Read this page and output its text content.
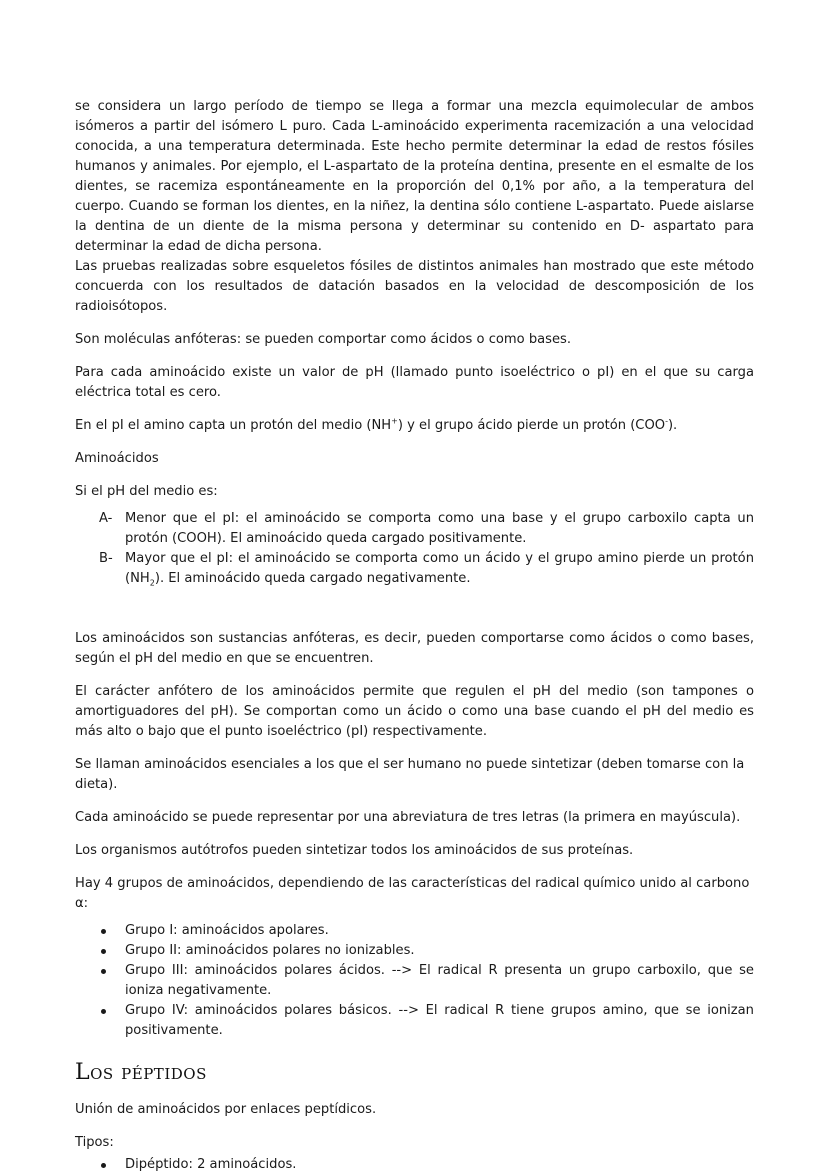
se considera un largo período de tiempo se llega a formar una mezcla equimolecular de ambos isómeros a partir del isómero L puro. Cada L-aminoácido experimenta racemización a una velocidad conocida, a una temperatura determinada. Este hecho permite determinar la edad de restos fósiles humanos y animales. Por ejemplo, el L-aspartato de la proteína dentina, presente en el esmalte de los dientes, se racemiza espontáneamente en la proporción del 0,1% por año, a la temperatura del cuerpo. Cuando se forman los dientes, en la niñez, la dentina sólo contiene L-aspartato. Puede aislarse la dentina de un diente de la misma persona y determinar su contenido en D- aspartato para determinar la edad de dicha persona.

Las pruebas realizadas sobre esqueletos fósiles de distintos animales han mostrado que este método concuerda con los resultados de datación basados en la velocidad de descomposición de los radioisótopos.

Son moléculas anfóteras: se pueden comportar como ácidos o como bases.

Para cada aminoácido existe un valor de pH (llamado punto isoeléctrico o pI) en el que su carga eléctrica total es cero.

En el pI el amino capta un protón del medio (NH+) y el grupo ácido pierde un protón (COO-).

Aminoácidos

Si el pH del medio es:

A- Menor que el pI: el aminoácido se comporta como una base y el grupo carboxilo capta un protón (COOH). El aminoácido queda cargado positivamente.
B- Mayor que el pI: el aminoácido se comporta como un ácido y el grupo amino pierde un protón $(NH_2)$. El aminoácido queda cargado negativamente.

Los aminoácidos son sustancias anfóteras, es decir, pueden comportarse como ácidos o como bases, según el pH del medio en que se encuentren.

El carácter anfótero de los aminoácidos permite que regulen el pH del medio (son tampones o amortiguadores del pH). Se comportan como un ácido o como una base cuando el pH del medio es más alto o bajo que el punto isoeléctrico (pI) respectivamente.

Se llaman aminoácidos esenciales a los que el ser humano no puede sintetizar (deben tomarse con la dieta).

Cada aminoácido se puede representar por una abreviatura de tres letras (la primera en mayúscula).

Los organismos autótrofos pueden sintetizar todos los aminoácidos de sus proteínas.

Hay 4 grupos de aminoácidos, dependiendo de las características del radical químico unido al carbono α:

Grupo I: aminoácidos apolares.
Grupo II: aminoácidos polares no ionizables.
Grupo III: aminoácidos polares ácidos. --> El radical R presenta un grupo carboxilo, que se ioniza negativamente.
Grupo IV: aminoácidos polares básicos. --> El radical R tiene grupos amino, que se ionizan positivamente.
Los péptidos

Unión de aminoácidos por enlaces peptídicos.

Tipos:

Dipéptido: 2 aminoácidos.
